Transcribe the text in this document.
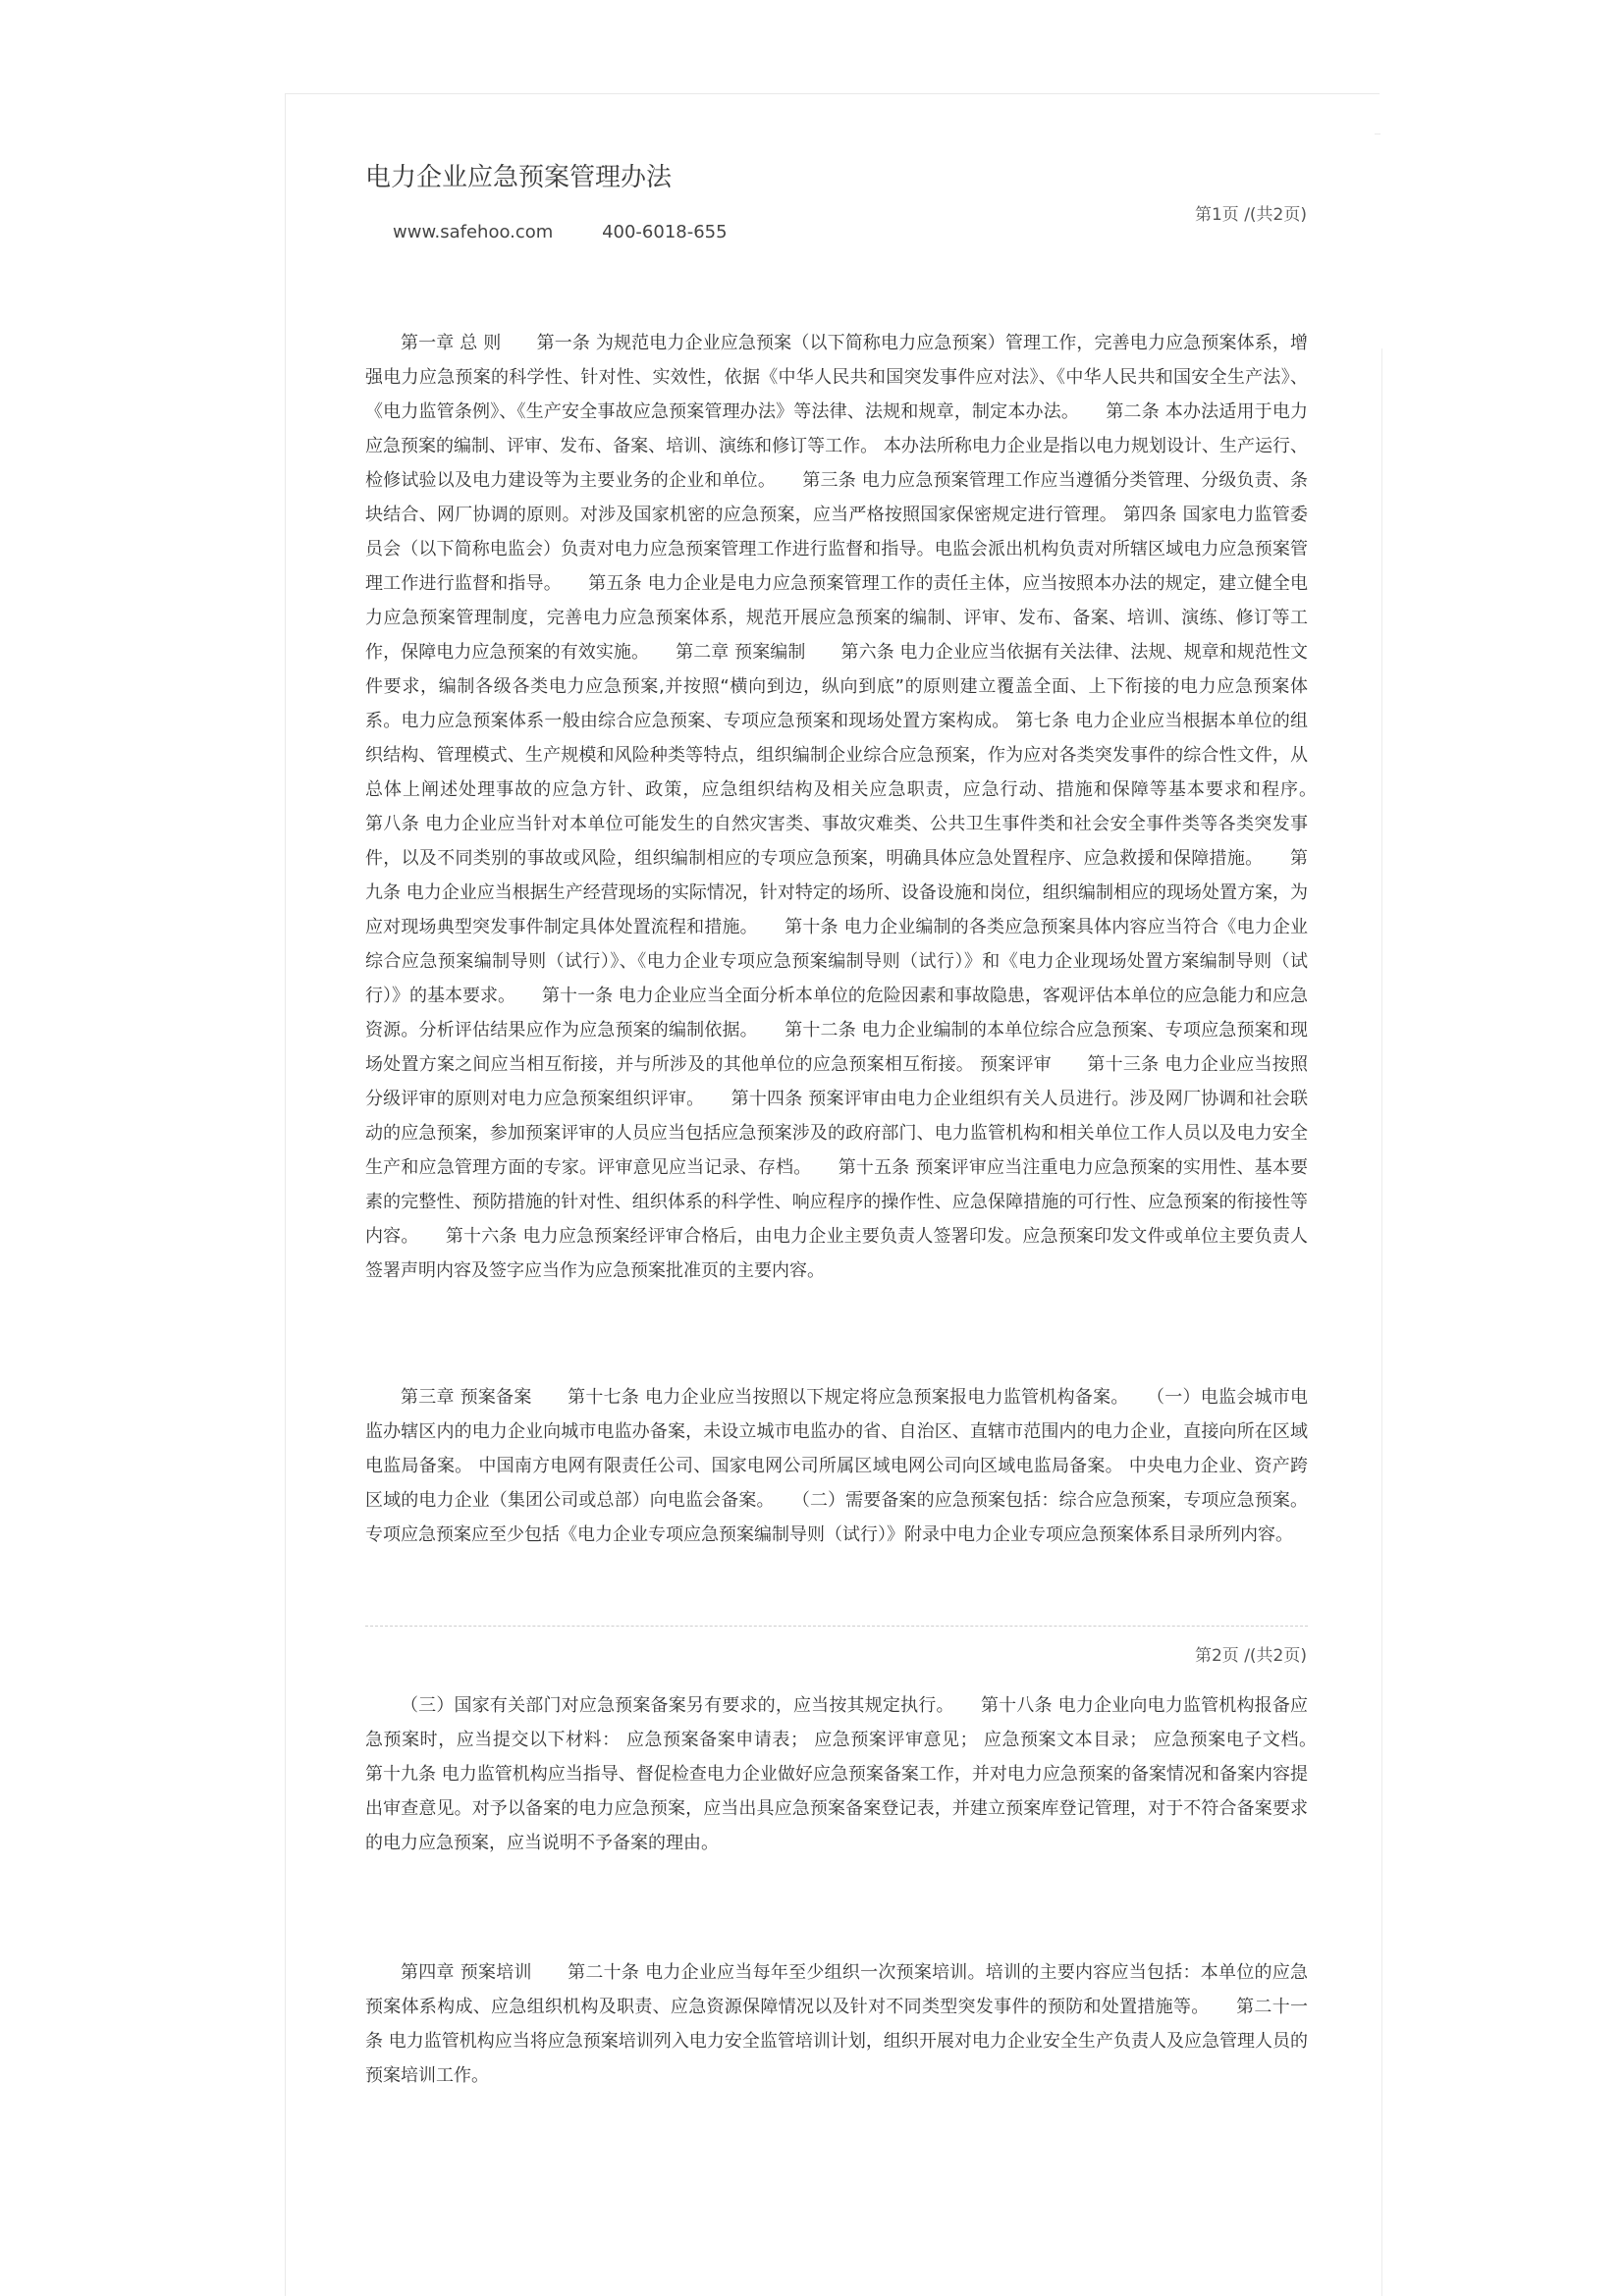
电力企业应急预案管理办法
第1页 /(共2页)
www.safehoo.com	400-6018-655

第一章 总 则　　第一条 为规范电力企业应急预案（以下简称电力应急预案）管理工作，完善电力应急预案体系，增强电力应急预案的科学性、针对性、实效性，依据《中华人民共和国突发事件应对法》、《中华人民共和国安全生产法》、《电力监管条例》、《生产安全事故应急预案管理办法》等法律、法规和规章，制定本办法。　　第二条 本办法适用于电力应急预案的编制、评审、发布、备案、培训、演练和修订等工作。 本办法所称电力企业是指以电力规划设计、生产运行、检修试验以及电力建设等为主要业务的企业和单位。　　第三条 电力应急预案管理工作应当遵循分类管理、分级负责、条块结合、网厂协调的原则。对涉及国家机密的应急预案，应当严格按照国家保密规定进行管理。 第四条 国家电力监管委员会（以下简称电监会）负责对电力应急预案管理工作进行监督和指导。电监会派出机构负责对所辖区域电力应急预案管理工作进行监督和指导。　　第五条 电力企业是电力应急预案管理工作的责任主体，应当按照本办法的规定，建立健全电力应急预案管理制度，完善电力应急预案体系，规范开展应急预案的编制、评审、发布、备案、培训、演练、修订等工作，保障电力应急预案的有效实施。　　第二章 预案编制　　第六条 电力企业应当依据有关法律、法规、规章和规范性文件要求，编制各级各类电力应急预案,并按照“横向到边，纵向到底”的原则建立覆盖全面、上下衔接的电力应急预案体系。电力应急预案体系一般由综合应急预案、专项应急预案和现场处置方案构成。 第七条 电力企业应当根据本单位的组织结构、管理模式、生产规模和风险种类等特点，组织编制企业综合应急预案，作为应对各类突发事件的综合性文件，从总体上阐述处理事故的应急方针、政策，应急组织结构及相关应急职责，应急行动、措施和保障等基本要求和程序。　　第八条 电力企业应当针对本单位可能发生的自然灾害类、事故灾难类、公共卫生事件类和社会安全事件类等各类突发事件，以及不同类别的事故或风险，组织编制相应的专项应急预案，明确具体应急处置程序、应急救援和保障措施。　　第九条 电力企业应当根据生产经营现场的实际情况，针对特定的场所、设备设施和岗位，组织编制相应的现场处置方案，为应对现场典型突发事件制定具体处置流程和措施。　　第十条 电力企业编制的各类应急预案具体内容应当符合《电力企业综合应急预案编制导则（试行）》、《电力企业专项应急预案编制导则（试行）》和《电力企业现场处置方案编制导则（试行）》的基本要求。　　第十一条 电力企业应当全面分析本单位的危险因素和事故隐患，客观评估本单位的应急能力和应急资源。分析评估结果应作为应急预案的编制依据。　　第十二条 电力企业编制的本单位综合应急预案、专项应急预案和现场处置方案之间应当相互衔接，并与所涉及的其他单位的应急预案相互衔接。 预案评审　　第十三条 电力企业应当按照分级评审的原则对电力应急预案组织评审。　　第十四条 预案评审由电力企业组织有关人员进行。涉及网厂协调和社会联动的应急预案，参加预案评审的人员应当包括应急预案涉及的政府部门、电力监管机构和相关单位工作人员以及电力安全生产和应急管理方面的专家。评审意见应当记录、存档。　　第十五条 预案评审应当注重电力应急预案的实用性、基本要素的完整性、预防措施的针对性、组织体系的科学性、响应程序的操作性、应急保障措施的可行性、应急预案的衔接性等内容。　　第十六条 电力应急预案经评审合格后，由电力企业主要负责人签署印发。应急预案印发文件或单位主要负责人签署声明内容及签字应当作为应急预案批准页的主要内容。

第三章 预案备案　　第十七条 电力企业应当按照以下规定将应急预案报电力监管机构备案。　　（一）电监会城市电监办辖区内的电力企业向城市电监办备案，未设立城市电监办的省、自治区、直辖市范围内的电力企业，直接向所在区域电监局备案。 中国南方电网有限责任公司、国家电网公司所属区域电网公司向区域电监局备案。 中央电力企业、资产跨区域的电力企业（集团公司或总部）向电监会备案。　　（二）需要备案的应急预案包括：综合应急预案，专项应急预案。专项应急预案应至少包括《电力企业专项应急预案编制导则（试行）》附录中电力企业专项应急预案体系目录所列内容。

第2页 /(共2页)

（三）国家有关部门对应急预案备案另有要求的，应当按其规定执行。　　第十八条 电力企业向电力监管机构报备应急预案时，应当提交以下材料： 应急预案备案申请表； 应急预案评审意见； 应急预案文本目录； 应急预案电子文档。　　第十九条 电力监管机构应当指导、督促检查电力企业做好应急预案备案工作，并对电力应急预案的备案情况和备案内容提出审查意见。对予以备案的电力应急预案，应当出具应急预案备案登记表，并建立预案库登记管理，对于不符合备案要求的电力应急预案，应当说明不予备案的理由。

第四章 预案培训　　第二十条 电力企业应当每年至少组织一次预案培训。培训的主要内容应当包括：本单位的应急预案体系构成、应急组织机构及职责、应急资源保障情况以及针对不同类型突发事件的预防和处置措施等。　　第二十一条 电力监管机构应当将应急预案培训列入电力安全监管培训计划，组织开展对电力企业安全生产负责人及应急管理人员的预案培训工作。
